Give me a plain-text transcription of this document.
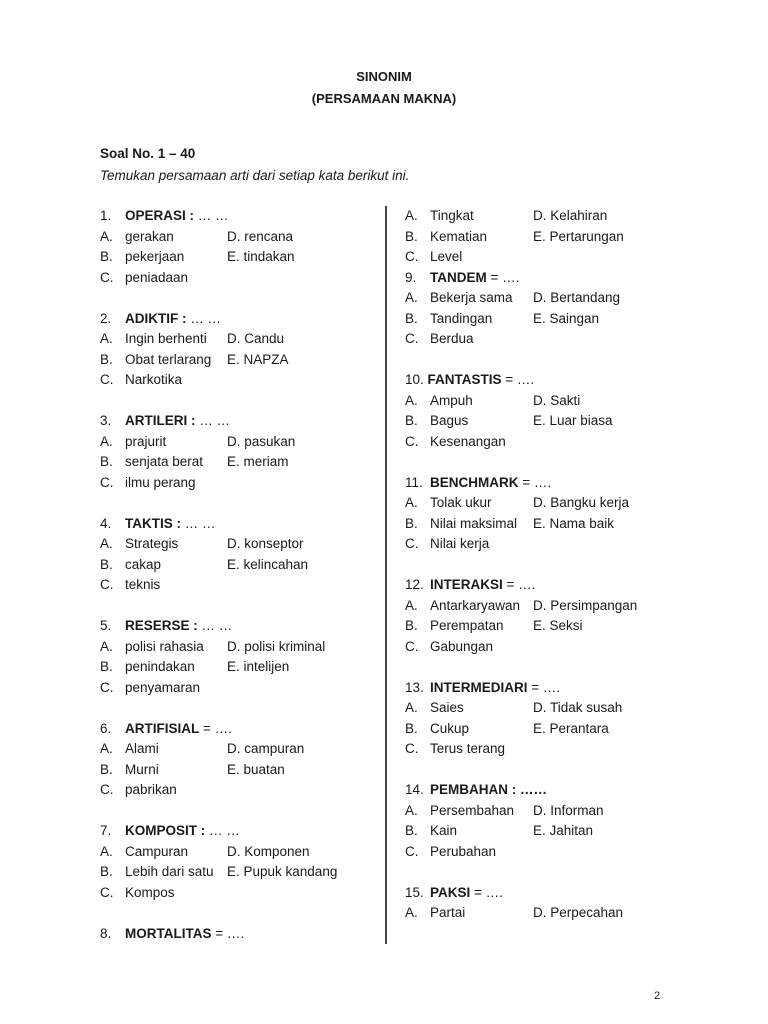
SINONIM
(PERSAMAAN MAKNA)
Soal No. 1 – 40
Temukan persamaan arti dari setiap kata berikut ini.
1. OPERASI : … …
A. gerakan	D. rencana
B. pekerjaan	E. tindakan
C. peniadaan
2. ADIKTIF : … …
A. Ingin berhenti D. Candu
B. Obat terlarang E. NAPZA
C. Narkotika
3. ARTILERI : … …
A. prajurit	D. pasukan
B. senjata berat E. meriam
C. ilmu perang
4. TAKTIS : … …
A. Strategis	D. konseptor
B. cakap	E. kelincahan
C. teknis
5. RESERSE : … …
A. polisi rahasia D. polisi kriminal
B. penindakan E. intelijen
C. penyamaran
6. ARTIFISIAL = ….
A. Alami	D. campuran
B. Murni	E. buatan
C. pabrikan
7. KOMPOSIT : … …
A. Campuran	D. Komponen
B. Lebih dari satu E. Pupuk kandang
C. Kompos
8. MORTALITAS = ….
A. Tingkat	D. Kelahiran
B. Kematian	E. Pertarungan
C. Level
9. TANDEM = ….
A. Bekerja sama D. Bertandang
B. Tandingan	E. Saingan
C. Berdua
10. FANTASTIS = ….
A. Ampuh	D. Sakti
B. Bagus	E. Luar biasa
C. Kesenangan
11. BENCHMARK = ….
A. Tolak ukur	D. Bangku kerja
B. Nilai maksimal E. Nama baik
C. Nilai kerja
12. INTERAKSI = ….
A. Antarkaryawan D. Persimpangan
B. Perempatan E. Seksi
C. Gabungan
13. INTERMEDIARI = ….
A. Saies	D. Tidak susah
B. Cukup	E. Perantara
C. Terus terang
14. PEMBAHAN : ……
A. Persembahan D. Informan
B. Kain	E. Jahitan
C. Perubahan
15. PAKSI = ….
A. Partai	D. Perpecahan
2
